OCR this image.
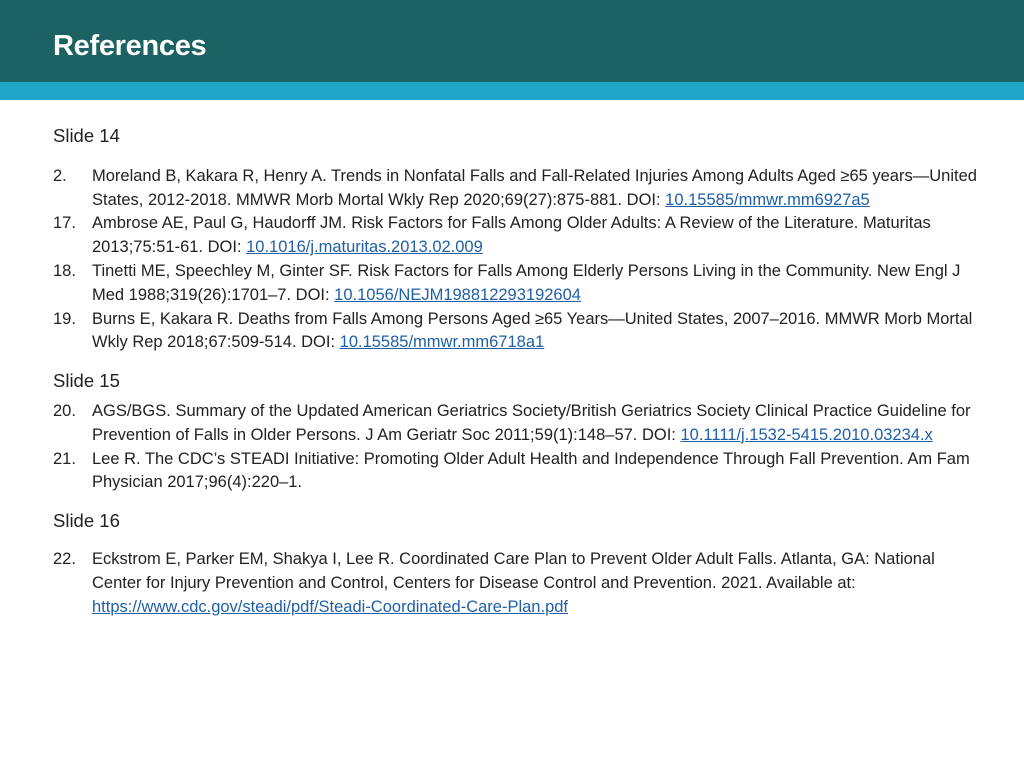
References
Slide 14
2. Moreland B, Kakara R, Henry A. Trends in Nonfatal Falls and Fall-Related Injuries Among Adults Aged ≥65 years—United States, 2012-2018. MMWR Morb Mortal Wkly Rep 2020;69(27):875-881. DOI: 10.15585/mmwr.mm6927a5
17. Ambrose AE, Paul G, Haudorff JM. Risk Factors for Falls Among Older Adults: A Review of the Literature. Maturitas 2013;75:51-61. DOI: 10.1016/j.maturitas.2013.02.009
18. Tinetti ME, Speechley M, Ginter SF. Risk Factors for Falls Among Elderly Persons Living in the Community. New Engl J Med 1988;319(26):1701–7. DOI: 10.1056/NEJM198812293192604
19. Burns E, Kakara R. Deaths from Falls Among Persons Aged ≥65 Years—United States, 2007–2016. MMWR Morb Mortal Wkly Rep 2018;67:509-514. DOI: 10.15585/mmwr.mm6718a1
Slide 15
20. AGS/BGS. Summary of the Updated American Geriatrics Society/British Geriatrics Society Clinical Practice Guideline for Prevention of Falls in Older Persons. J Am Geriatr Soc 2011;59(1):148–57. DOI: 10.1111/j.1532-5415.2010.03234.x
21. Lee R. The CDC’s STEADI Initiative: Promoting Older Adult Health and Independence Through Fall Prevention. Am Fam Physician 2017;96(4):220–1.
Slide 16
22. Eckstrom E, Parker EM, Shakya I, Lee R. Coordinated Care Plan to Prevent Older Adult Falls. Atlanta, GA: National Center for Injury Prevention and Control, Centers for Disease Control and Prevention. 2021. Available at: https://www.cdc.gov/steadi/pdf/Steadi-Coordinated-Care-Plan.pdf
